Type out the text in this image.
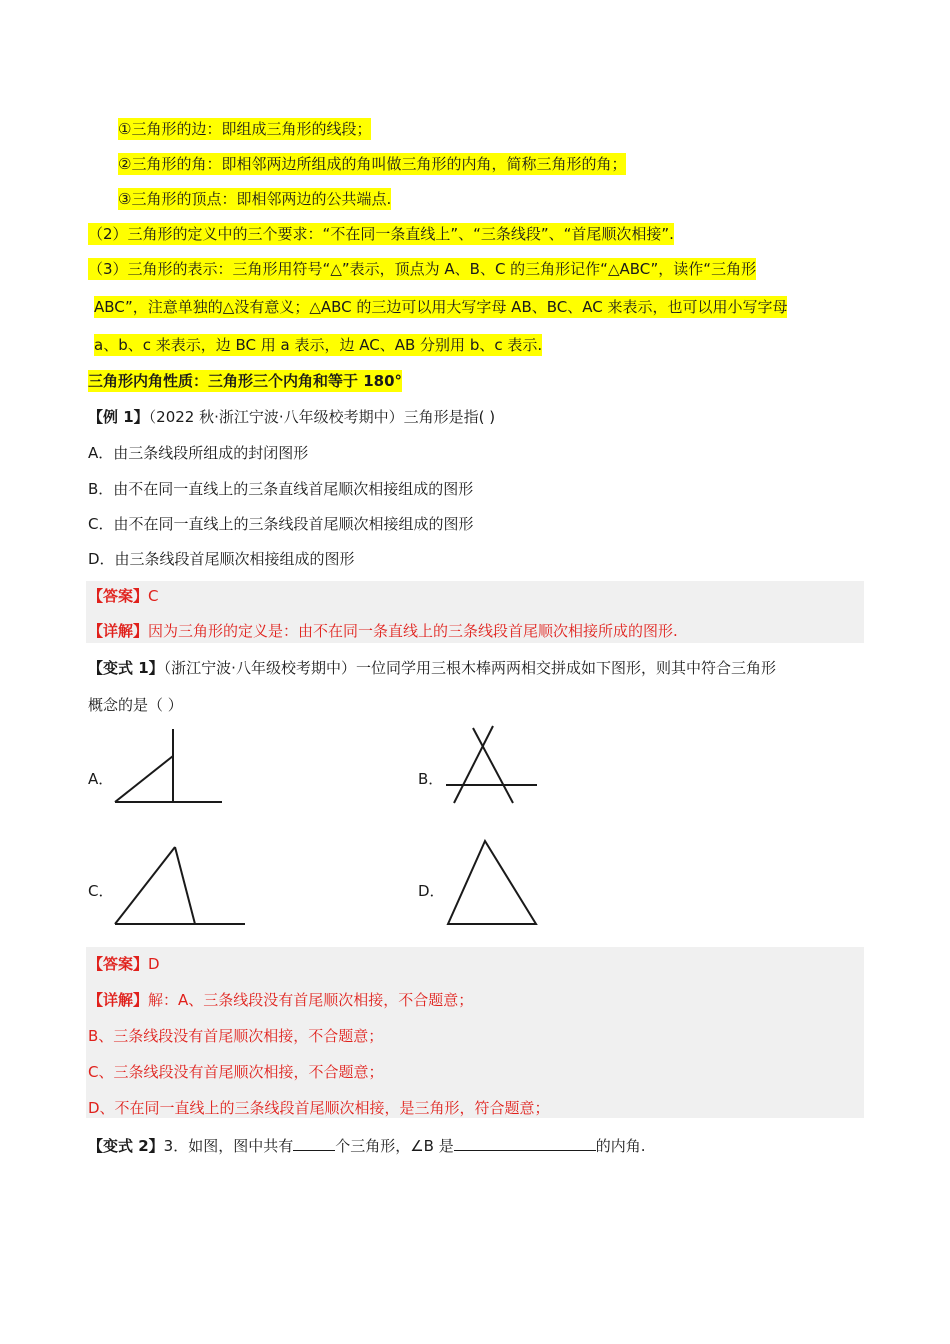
①三角形的边：即组成三角形的线段；
②三角形的角：即相邻两边所组成的角叫做三角形的内角，简称三角形的角；
③三角形的顶点：即相邻两边的公共端点.
（2）三角形的定义中的三个要求：“不在同一条直线上”、“三条线段”、“首尾顺次相接”.
（3）三角形的表示：三角形用符号“△”表示，顶点为 A、B、C 的三角形记作“△ABC”，读作“三角形
ABC”，注意单独的△没有意义；△ABC 的三边可以用大写字母 AB、BC、AC 来表示，也可以用小写字母
a、b、c 来表示，边 BC 用 a 表示，边 AC、AB 分别用 b、c 表示.
三角形内角性质：三角形三个内角和等于 180°
【例 1】（2022 秋·浙江宁波·八年级校考期中）三角形是指( )
A．由三条线段所组成的封闭图形
B．由不在同一直线上的三条直线首尾顺次相接组成的图形
C．由不在同一直线上的三条线段首尾顺次相接组成的图形
D．由三条线段首尾顺次相接组成的图形
【答案】C
【详解】因为三角形的定义是：由不在同一条直线上的三条线段首尾顺次相接所成的图形.
【变式 1】（浙江宁波·八年级校考期中）一位同学用三根木棒两两相交拼成如下图形，则其中符合三角形
概念的是（ ）
A．	B．
C．	D．
【答案】D
【详解】解：A、三条线段没有首尾顺次相接，不合题意；
B、三条线段没有首尾顺次相接，不合题意；
C、三条线段没有首尾顺次相接，不合题意；
D、不在同一直线上的三条线段首尾顺次相接，是三角形，符合题意；
【变式 2】3．如图，图中共有	个三角形，∠B 是	的内角.
